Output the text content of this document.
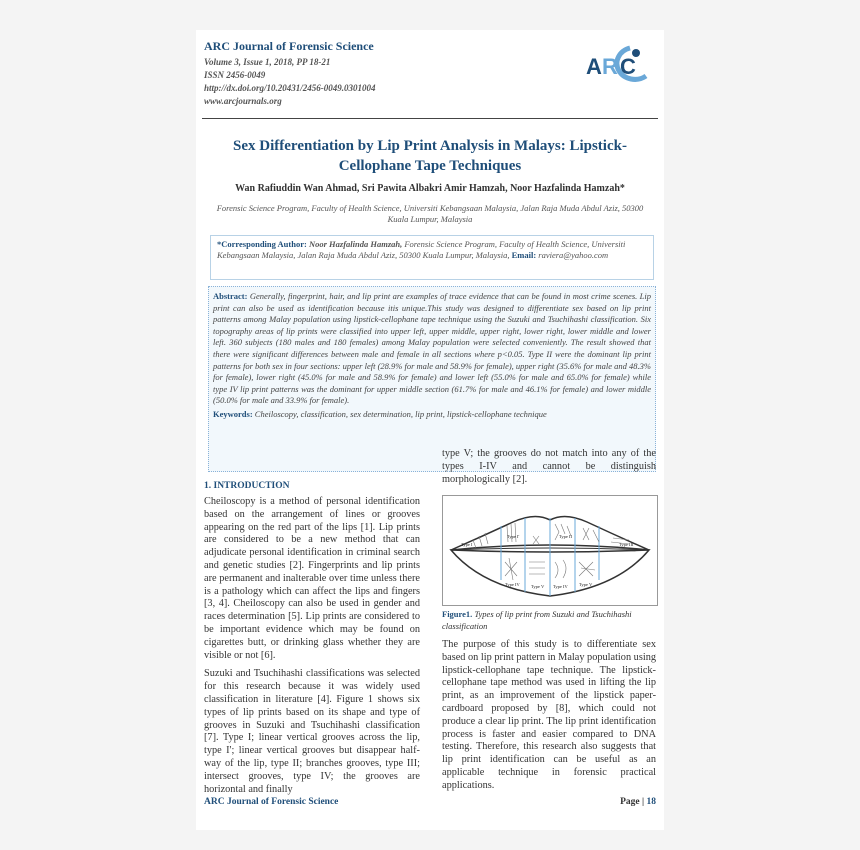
ARC Journal of Forensic Science
Volume 3, Issue 1, 2018, PP 18-21
ISSN 2456-0049
http://dx.doi.org/10.20431/2456-0049.0301004
www.arcjournals.org
A R C
Sex Differentiation by Lip Print Analysis in Malays: Lipstick-Cellophane Tape Techniques
Wan Rafiuddin Wan Ahmad, Sri Pawita Albakri Amir Hamzah, Noor Hazfalinda Hamzah*
Forensic Science Program, Faculty of Health Science, Universiti Kebangsaan Malaysia, Jalan Raja Muda Abdul Aziz, 50300 Kuala Lumpur, Malaysia
*Corresponding Author: Noor Hazfalinda Hamzah, Forensic Science Program, Faculty of Health Science, Universiti Kebangsaan Malaysia, Jalan Raja Muda Abdul Aziz, 50300 Kuala Lumpur, Malaysia, Email: raviera@yahoo.com
Abstract: Generally, fingerprint, hair, and lip print are examples of trace evidence that can be found in most crime scenes. Lip print can also be used as identification because itis unique.This study was designed to differentiate sex based on lip print patterns among Malay population using lipstick-cellophane tape technique using the Suzuki and Tsuchihashi classification. Six topography areas of lip prints were classified into upper left, upper middle, upper right, lower right, lower middle and lower left. 360 subjects (180 males and 180 females) among Malay population were selected conveniently. The result showed that there were significant differences between male and female in all sections where p<0.05. Type II were the dominant lip print patterns for both sex in four sections: upper left (28.9% for male and 58.9% for female), upper right (35.6% for male and 48.3% for female), lower right (45.0% for male and 58.9% for female) and lower left (55.0% for male and 65.0% for female) while type IV lip print patterns was the dominant for upper middle section (61.7% for male and 46.1% for female) and lower middle (50.0% for male and 33.9% for female).
Keywords: Cheiloscopy, classification, sex determination, lip print, lipstick-cellophane technique
1. INTRODUCTION

Cheiloscopy is a method of personal identification based on the arrangement of lines or grooves appearing on the red part of the lips [1]. Lip prints are considered to be a new method that can adjudicate personal identification in criminal search and genetic studies [2]. Fingerprints and lip prints are permanent and inalterable over time unless there is a pathology which can affect the lips and fingers [3, 4]. Cheiloscopy can also be used in gender and races determination [5]. Lip prints are considered to be important evidence which may be found on cigarettes butt, or drinking glass whether they are visible or not [6].

Suzuki and Tsuchihashi classifications was selected for this research because it was widely used classification in literature [4]. Figure 1 shows six types of lip prints based on its shape and type of grooves in Suzuki and Tsuchihashi classification [7]. Type I; linear vertical grooves across the lip, type I'; linear vertical grooves but disappear half-way of the lip, type II; branches grooves, type III; intersect grooves, type IV; the grooves are horizontal and finally

type V; the grooves do not match into any of the types I-IV and cannot be distinguish morphologically [2].

Type I
Type I'	Type II
Type III
Type IV Type V Type IV Type V
Figure1. Types of lip print from Suzuki and Tsuchihashi classification

The purpose of this study is to differentiate sex based on lip print pattern in Malay population using lipstick-cellophane tape technique. The lipstick-cellophane tape method was used in lifting the lip print, as an improvement of the lipstick paper-cardboard proposed by [8], which could not produce a clear lip print. The lip print identification process is faster and easier compared to DNA testing. Therefore, this research also suggests that lip print identification can be useful as an applicable technique in forensic practical applications.

ARC Journal of Forensic Science	Page | 18
